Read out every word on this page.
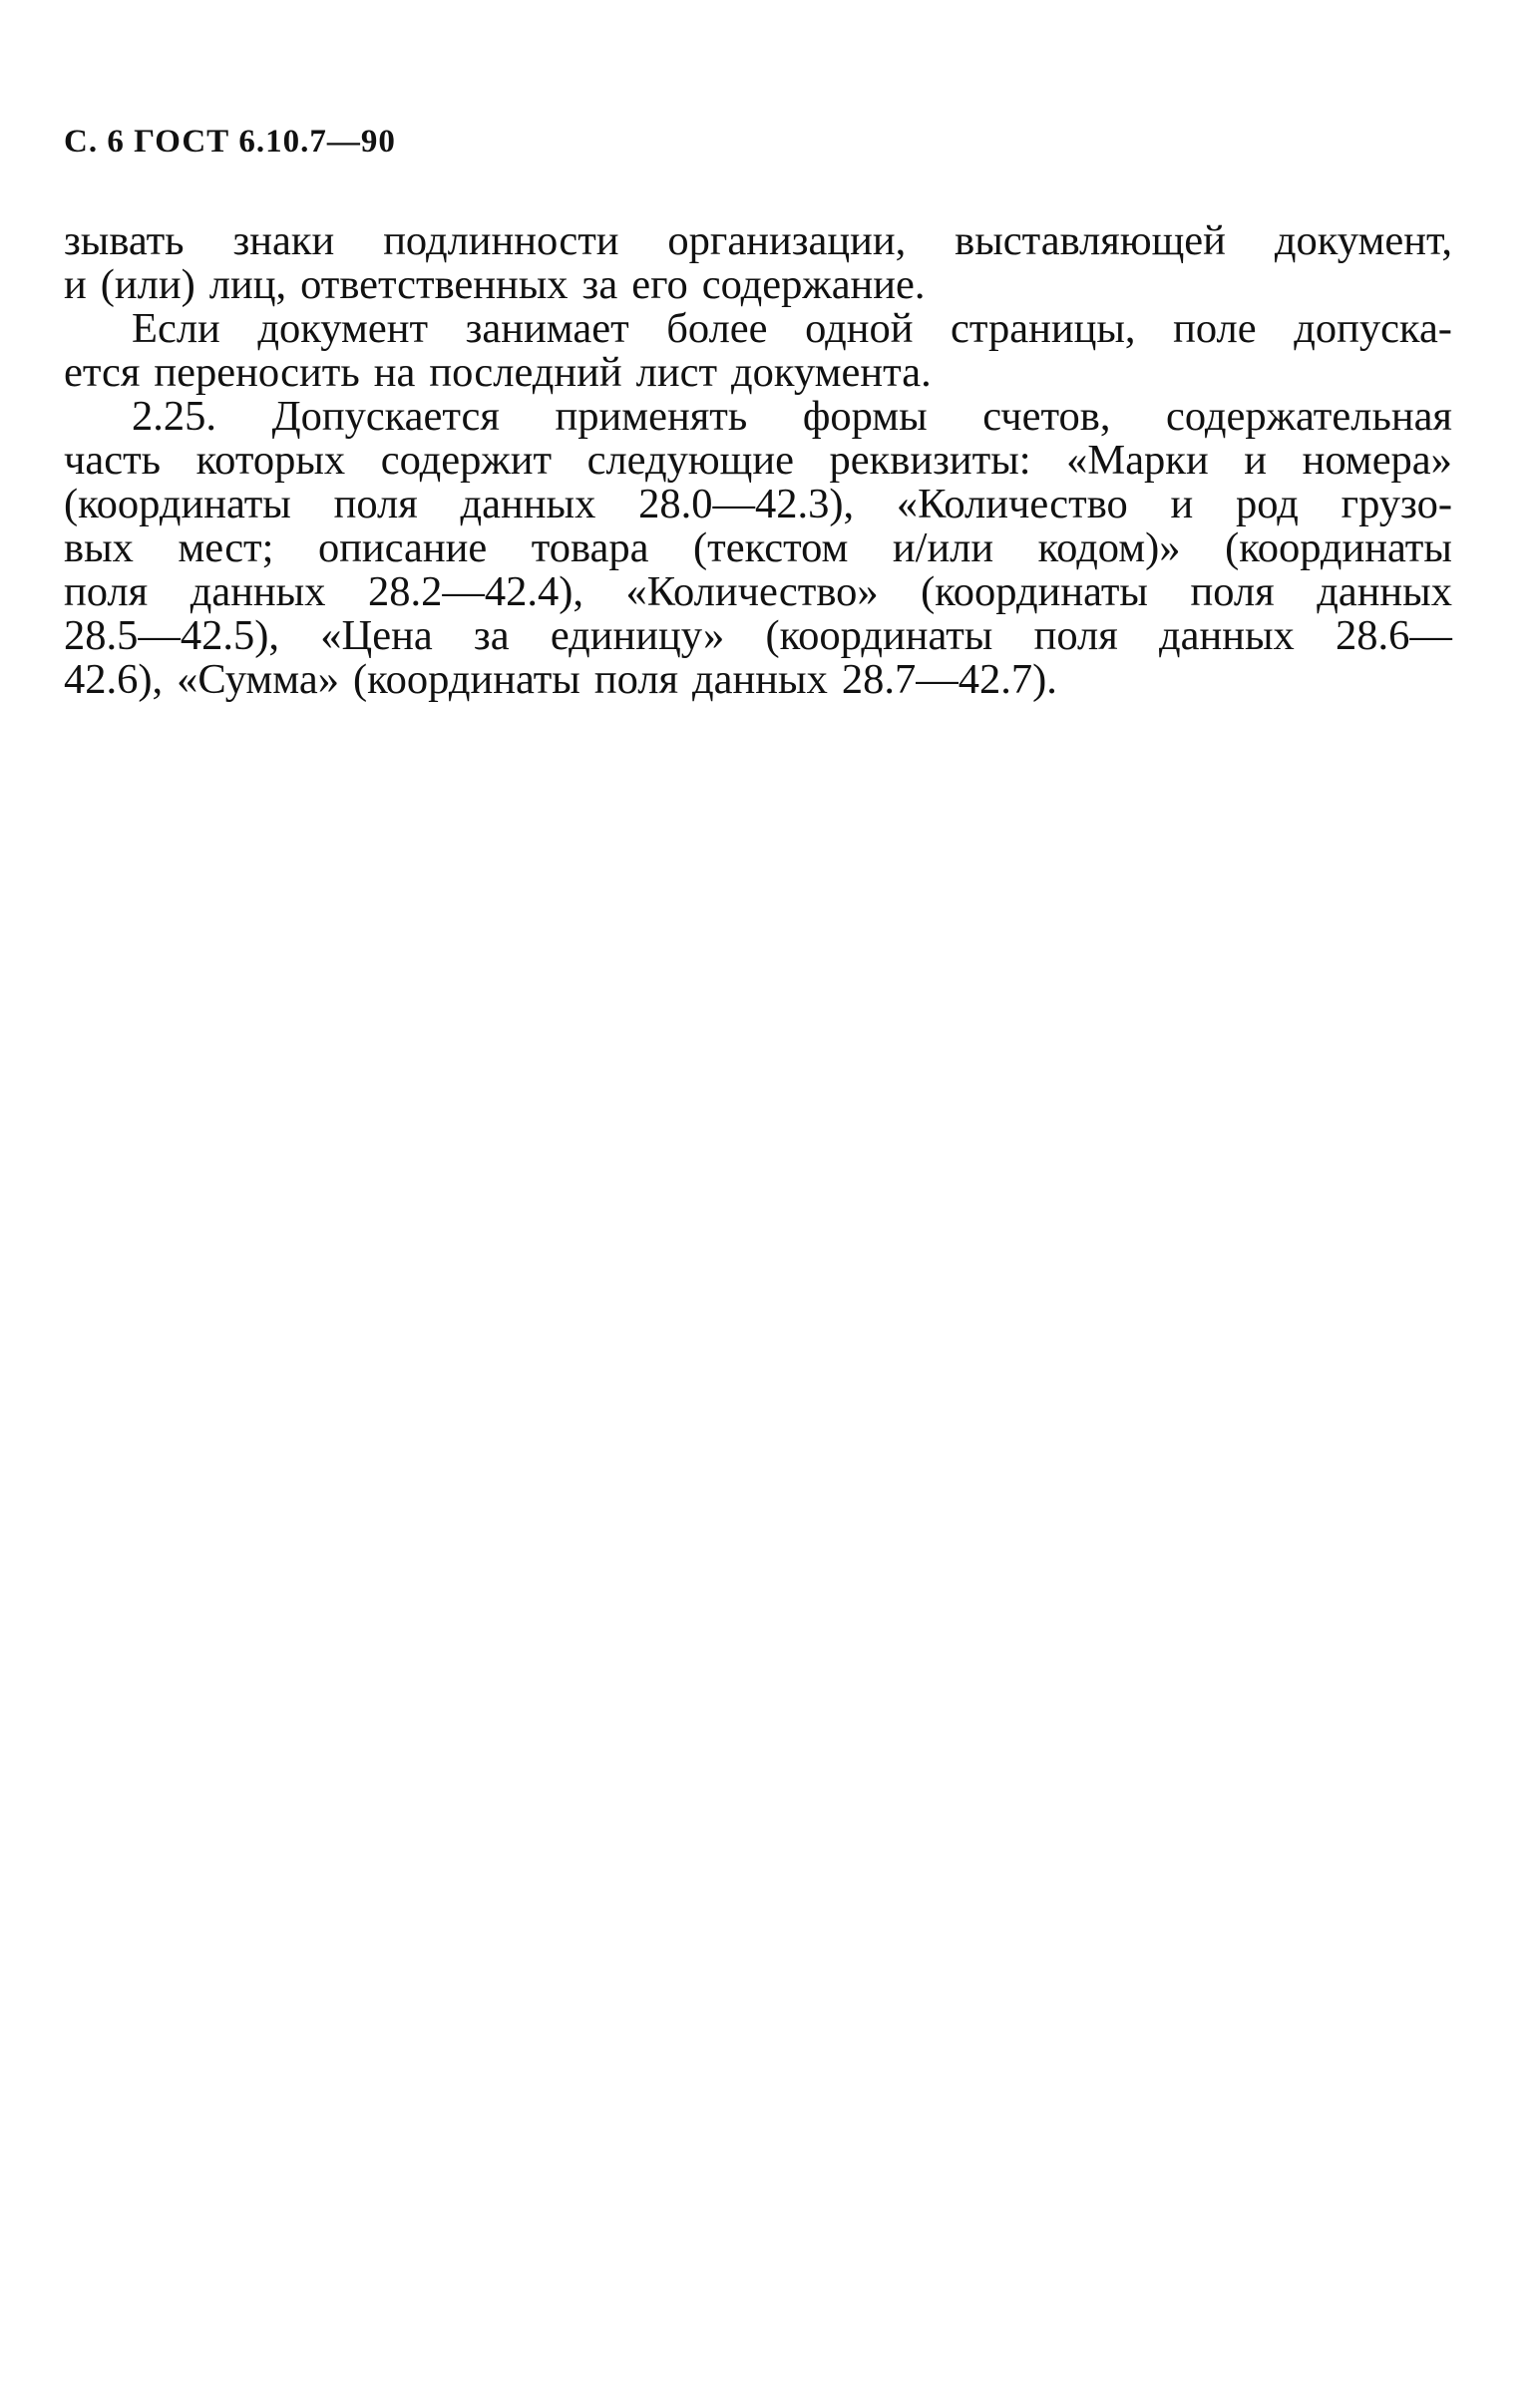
С. 6 ГОСТ 6.10.7—90
зывать знаки подлинности организации, выставляющей документ,
и (или) лиц, ответственных за его содержание.
Если документ занимает более одной страницы, поле допуска-
ется переносить на последний лист документа.
2.25. Допускается применять формы счетов, содержательная
часть которых содержит следующие реквизиты: «Марки и номера»
(координаты поля данных 28.0—42.3), «Количество и род грузо-
вых мест; описание товара (текстом и/или кодом)» (координаты
поля данных 28.2—42.4), «Количество» (координаты поля данных
28.5—42.5), «Цена за единицу» (координаты поля данных 28.6—
42.6), «Сумма» (координаты поля данных 28.7—42.7).
